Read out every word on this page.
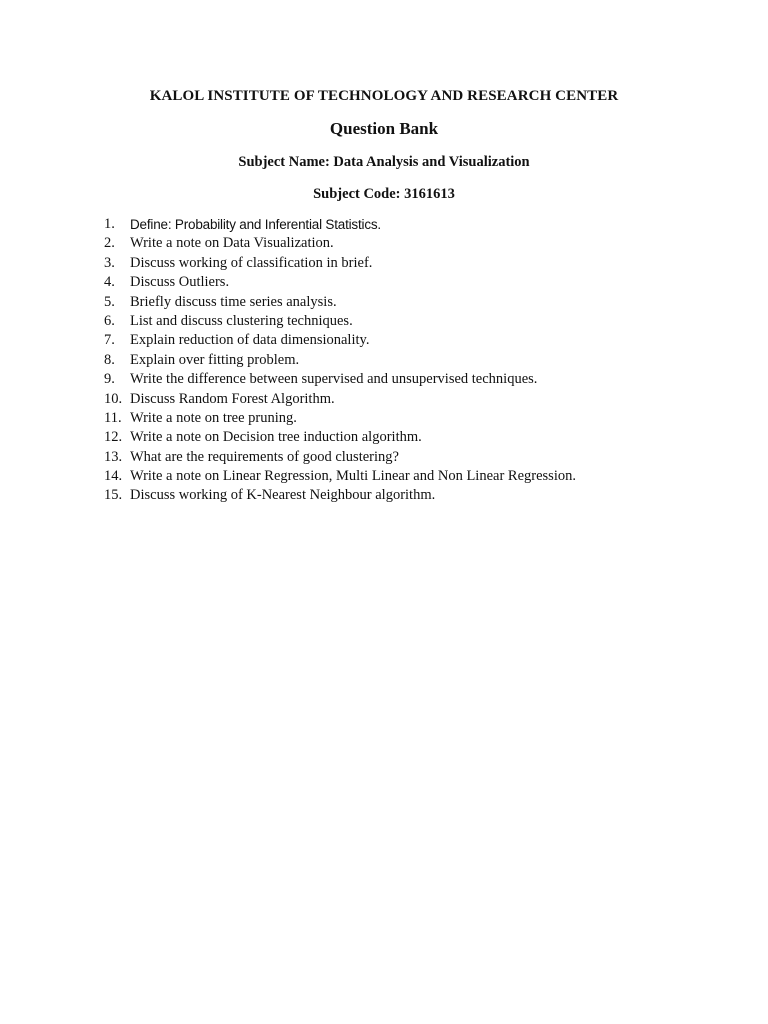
KALOL INSTITUTE OF TECHNOLOGY AND RESEARCH CENTER
Question Bank
Subject Name: Data Analysis and Visualization
Subject Code: 3161613
1.	Define: Probability and Inferential Statistics.
2.	Write a note on Data Visualization.
3.	Discuss working of classification in brief.
4.	Discuss Outliers.
5.	Briefly discuss time series analysis.
6.	List and discuss clustering techniques.
7.	Explain reduction of data dimensionality.
8.	Explain over fitting problem.
9.	Write the difference between supervised and unsupervised techniques.
10. Discuss Random Forest Algorithm.
11. Write a note on tree pruning.
12. Write a note on Decision tree induction algorithm.
13. What are the requirements of good clustering?
14. Write a note on Linear Regression, Multi Linear and Non Linear Regression.
15. Discuss working of K-Nearest Neighbour algorithm.
